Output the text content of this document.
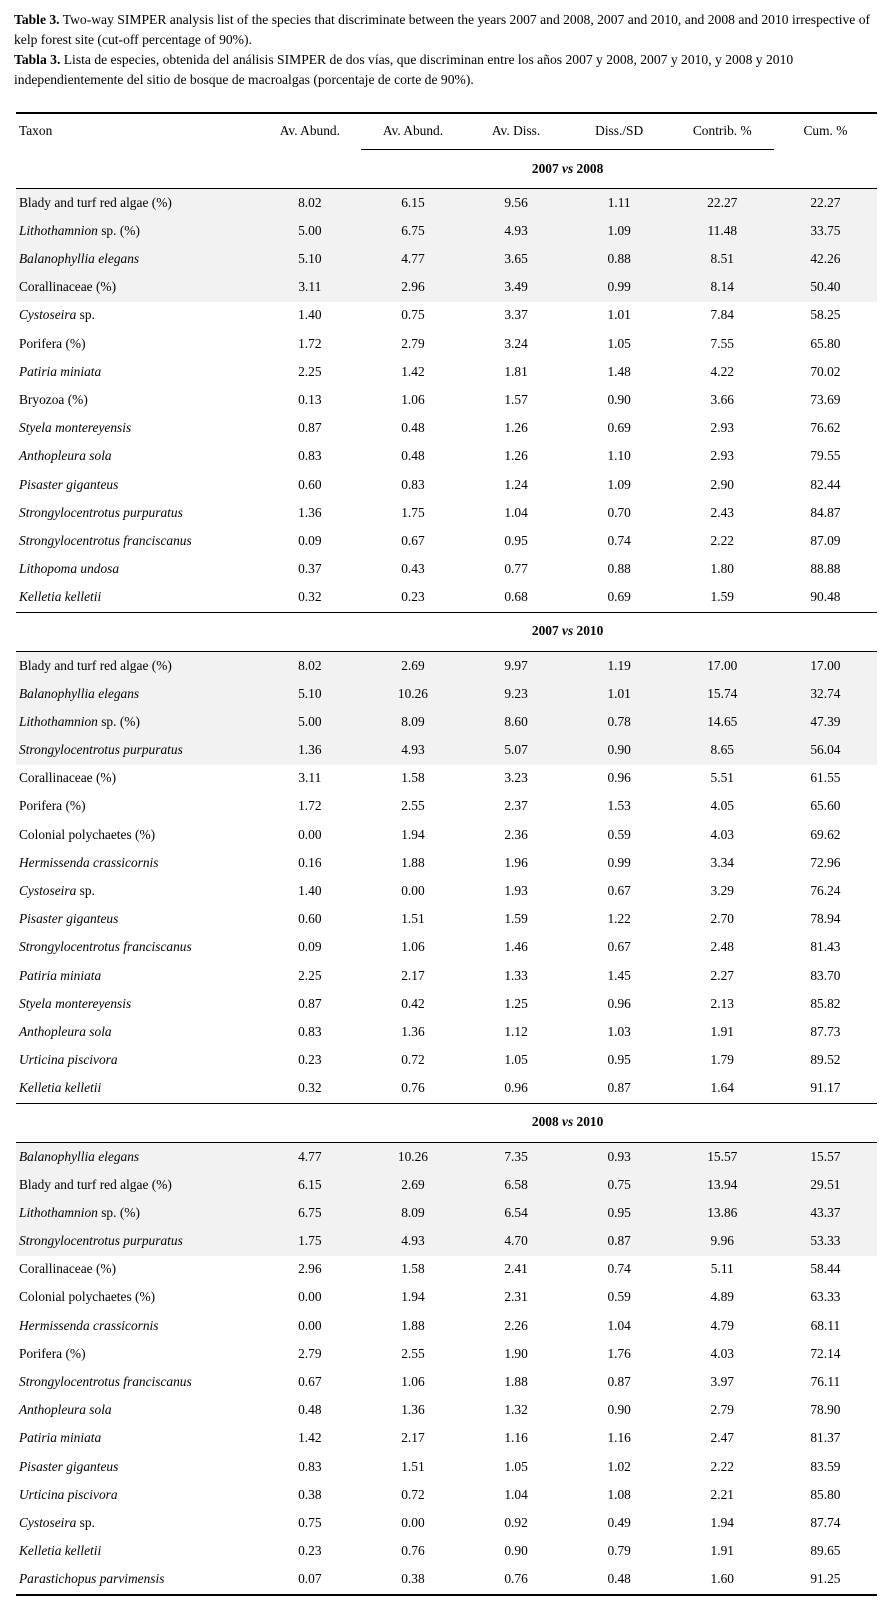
Table 3. Two-way SIMPER analysis list of the species that discriminate between the years 2007 and 2008, 2007 and 2010, and 2008 and 2010 irrespective of kelp forest site (cut-off percentage of 90%).

Tabla 3. Lista de especies, obtenida del análisis SIMPER de dos vías, que discriminan entre los años 2007 y 2008, 2007 y 2010, y 2008 y 2010 independientemente del sitio de bosque de macroalgas (porcentaje de corte de 90%).

Taxon	Av. Abund.	Av. Abund.	Av. Diss.	Diss./SD	Contrib. %	Cum. %
		2007 vs 2008				
Blady and turf red algae (%)	8.02	6.15	9.56	1.11	22.27	22.27
Lithothamnion sp. (%)	5.00	6.75	4.93	1.09	11.48	33.75
Balanophyllia elegans	5.10	4.77	3.65	0.88	8.51	42.26
Corallinaceae (%)	3.11	2.96	3.49	0.99	8.14	50.40
Cystoseira sp.	1.40	0.75	3.37	1.01	7.84	58.25
Porifera (%)	1.72	2.79	3.24	1.05	7.55	65.80
Patiria miniata	2.25	1.42	1.81	1.48	4.22	70.02
Bryozoa (%)	0.13	1.06	1.57	0.90	3.66	73.69
Styela montereyensis	0.87	0.48	1.26	0.69	2.93	76.62
Anthopleura sola	0.83	0.48	1.26	1.10	2.93	79.55
Pisaster giganteus	0.60	0.83	1.24	1.09	2.90	82.44
Strongylocentrotus purpuratus	1.36	1.75	1.04	0.70	2.43	84.87
Strongylocentrotus franciscanus	0.09	0.67	0.95	0.74	2.22	87.09
Lithopoma undosa	0.37	0.43	0.77	0.88	1.80	88.88
Kelletia kelletii	0.32	0.23	0.68	0.69	1.59	90.48
		2007 vs 2010				
Blady and turf red algae (%)	8.02	2.69	9.97	1.19	17.00	17.00
Balanophyllia elegans	5.10	10.26	9.23	1.01	15.74	32.74
Lithothamnion sp. (%)	5.00	8.09	8.60	0.78	14.65	47.39
Strongylocentrotus purpuratus	1.36	4.93	5.07	0.90	8.65	56.04
Corallinaceae (%)	3.11	1.58	3.23	0.96	5.51	61.55
Porifera (%)	1.72	2.55	2.37	1.53	4.05	65.60
Colonial polychaetes (%)	0.00	1.94	2.36	0.59	4.03	69.62
Hermissenda crassicornis	0.16	1.88	1.96	0.99	3.34	72.96
Cystoseira sp.	1.40	0.00	1.93	0.67	3.29	76.24
Pisaster giganteus	0.60	1.51	1.59	1.22	2.70	78.94
Strongylocentrotus franciscanus	0.09	1.06	1.46	0.67	2.48	81.43
Patiria miniata	2.25	2.17	1.33	1.45	2.27	83.70
Styela montereyensis	0.87	0.42	1.25	0.96	2.13	85.82
Anthopleura sola	0.83	1.36	1.12	1.03	1.91	87.73
Urticina piscivora	0.23	0.72	1.05	0.95	1.79	89.52
Kelletia kelletii	0.32	0.76	0.96	0.87	1.64	91.17
		2008 vs 2010				
Balanophyllia elegans	4.77	10.26	7.35	0.93	15.57	15.57
Blady and turf red algae (%)	6.15	2.69	6.58	0.75	13.94	29.51
Lithothamnion sp. (%)	6.75	8.09	6.54	0.95	13.86	43.37
Strongylocentrotus purpuratus	1.75	4.93	4.70	0.87	9.96	53.33
Corallinaceae (%)	2.96	1.58	2.41	0.74	5.11	58.44
Colonial polychaetes (%)	0.00	1.94	2.31	0.59	4.89	63.33
Hermissenda crassicornis	0.00	1.88	2.26	1.04	4.79	68.11
Porifera (%)	2.79	2.55	1.90	1.76	4.03	72.14
Strongylocentrotus franciscanus	0.67	1.06	1.88	0.87	3.97	76.11
Anthopleura sola	0.48	1.36	1.32	0.90	2.79	78.90
Patiria miniata	1.42	2.17	1.16	1.16	2.47	81.37
Pisaster giganteus	0.83	1.51	1.05	1.02	2.22	83.59
Urticina piscivora	0.38	0.72	1.04	1.08	2.21	85.80
Cystoseira sp.	0.75	0.00	0.92	0.49	1.94	87.74
Kelletia kelletii	0.23	0.76	0.90	0.79	1.91	89.65
Parastichopus parvimensis	0.07	0.38	0.76	0.48	1.60	91.25
